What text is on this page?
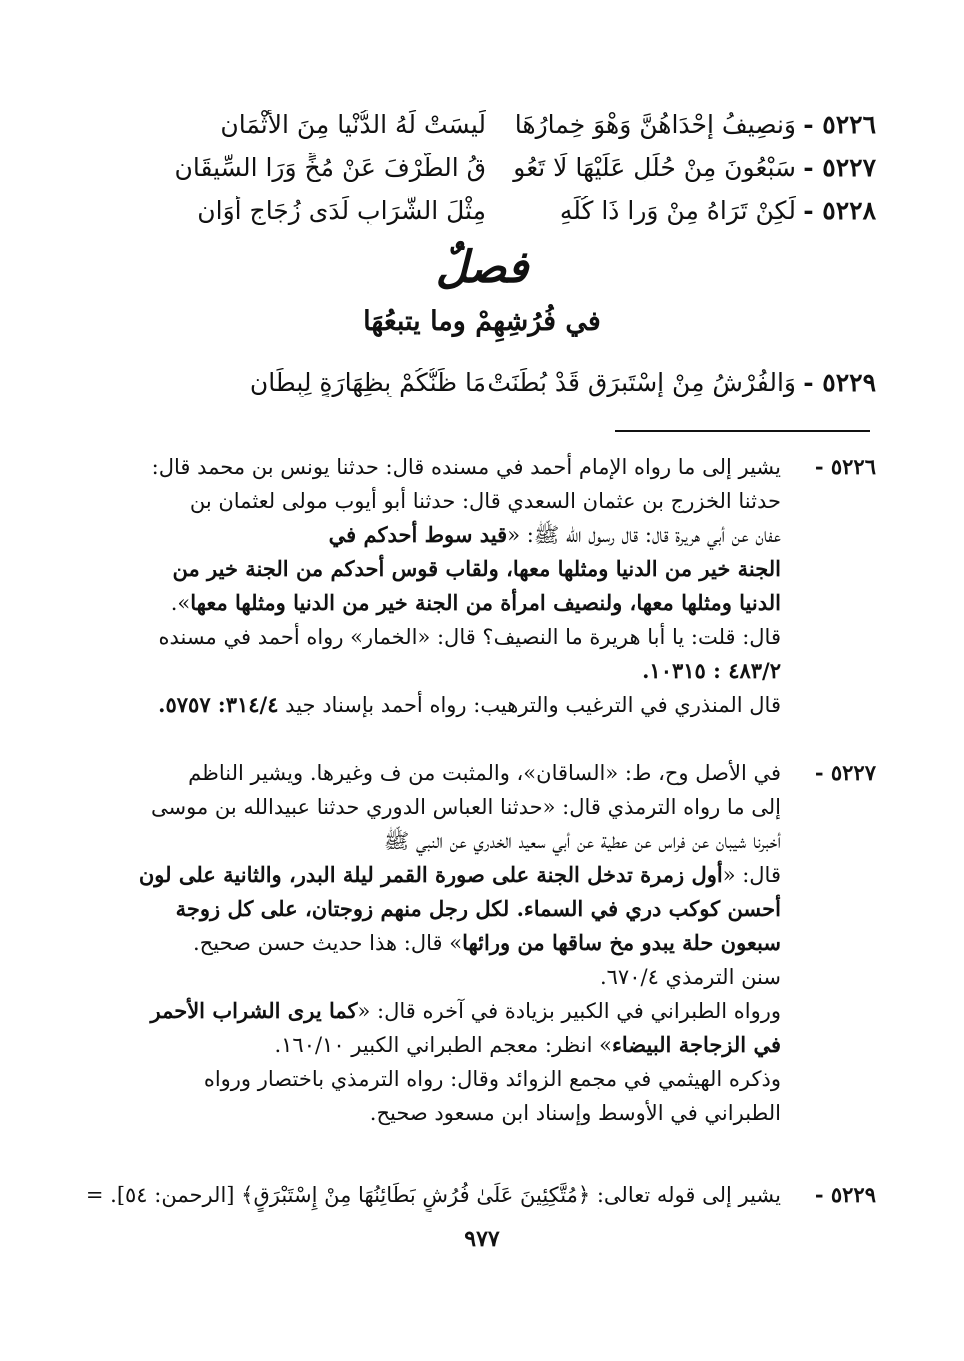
٥٢٢٦ -
وَنصِيفُ إحْدَاهُنَّ وَهْوَ خِمارُهَا
لَيسَتْ لَهُ الدُّنْيا مِنَ الأثْمَانِ
٥٢٢٧ -
سَبْعُونَ مِنْ حُلَلٍ عَلَيْهَا لَا تَعُو
قُ الطَّرْفَ عَنْ مُخٍّ وَرَا السِّيقَانِ
٥٢٢٨ -
لَكِنْ تَرَاهُ مِنْ وَرا ذَا كُلِّهِ
مِثْلَ الشَّرَابِ لَدَى زُجَاجٍ أَوَانِ
فصلٌ
في فُرُشِهِمْ وما يتبعُهَا
٥٢٢٩ -
وَالفُرْشُ مِنْ إسْتَبرَقٍ قَدْ بُطِّنَتْ
مَا ظَنُّكُمْ بِظِهَارَةٍ لِبِطَانِ
٥٢٢٦ -
يشير إلى ما رواه الإمام أحمد في مسنده قال: حدثنا يونس بن محمد قال:
حدثنا الخزرج بن عثمان السعدي قال: حدثنا أبو أيوب مولى لعثمان بن
عفان عن أبي هريرة قال: قال رسول الله ﷺ: «قيد سوط أحدكم في
الجنة خير من الدنيا ومثلها معها، ولقاب قوس أحدكم من الجنة خير من
الدنيا ومثلها معها، ولنصيف امرأة من الجنة خير من الدنيا ومثلها معها».
قال: قلت: يا أبا هريرة ما النصيف؟ قال: «الخمار» رواه أحمد في مسنده
٤٨٣/٢ : ١٠٣١٥.
قال المنذري في الترغيب والترهيب: رواه أحمد بإسناد جيد ٣١٤/٤: ٥٧٥٧.
٥٢٢٧ -
في الأصل وح، ط: «الساقان»، والمثبت من ف وغيرها. ويشير الناظم
إلى ما رواه الترمذي قال: «حدثنا العباس الدوري حدثنا عبيدالله بن موسى
أخبرنا شيبان عن فراس عن عطية عن أبي سعيد الخدري عن النبي ﷺ
قال: «أول زمرة تدخل الجنة على صورة القمر ليلة البدر، والثانية على لون
أحسن كوكب دري في السماء. لكل رجل منهم زوجتان، على كل زوجة
سبعون حلة يبدو مخ ساقها من ورائها» قال: هذا حديث حسن صحيح.
سنن الترمذي ٦٧٠/٤.
ورواه الطبراني في الكبير بزيادة في آخره قال: «كما يرى الشراب الأحمر
في الزجاجة البيضاء» انظر: معجم الطبراني الكبير ١٦٠/١٠.
وذكره الهيثمي في مجمع الزوائد وقال: رواه الترمذي باختصار ورواه
الطبراني في الأوسط وإسناد ابن مسعود صحيح.
٥٢٢٩ -
يشير إلى قوله تعالى: ﴿مُتَّكِئِينَ عَلَىٰ فُرُشٍ بَطَائِنُهَا مِنْ إِسْتَبْرَقٍ﴾ [الرحمن: ٥٤]. =
٩٧٧
